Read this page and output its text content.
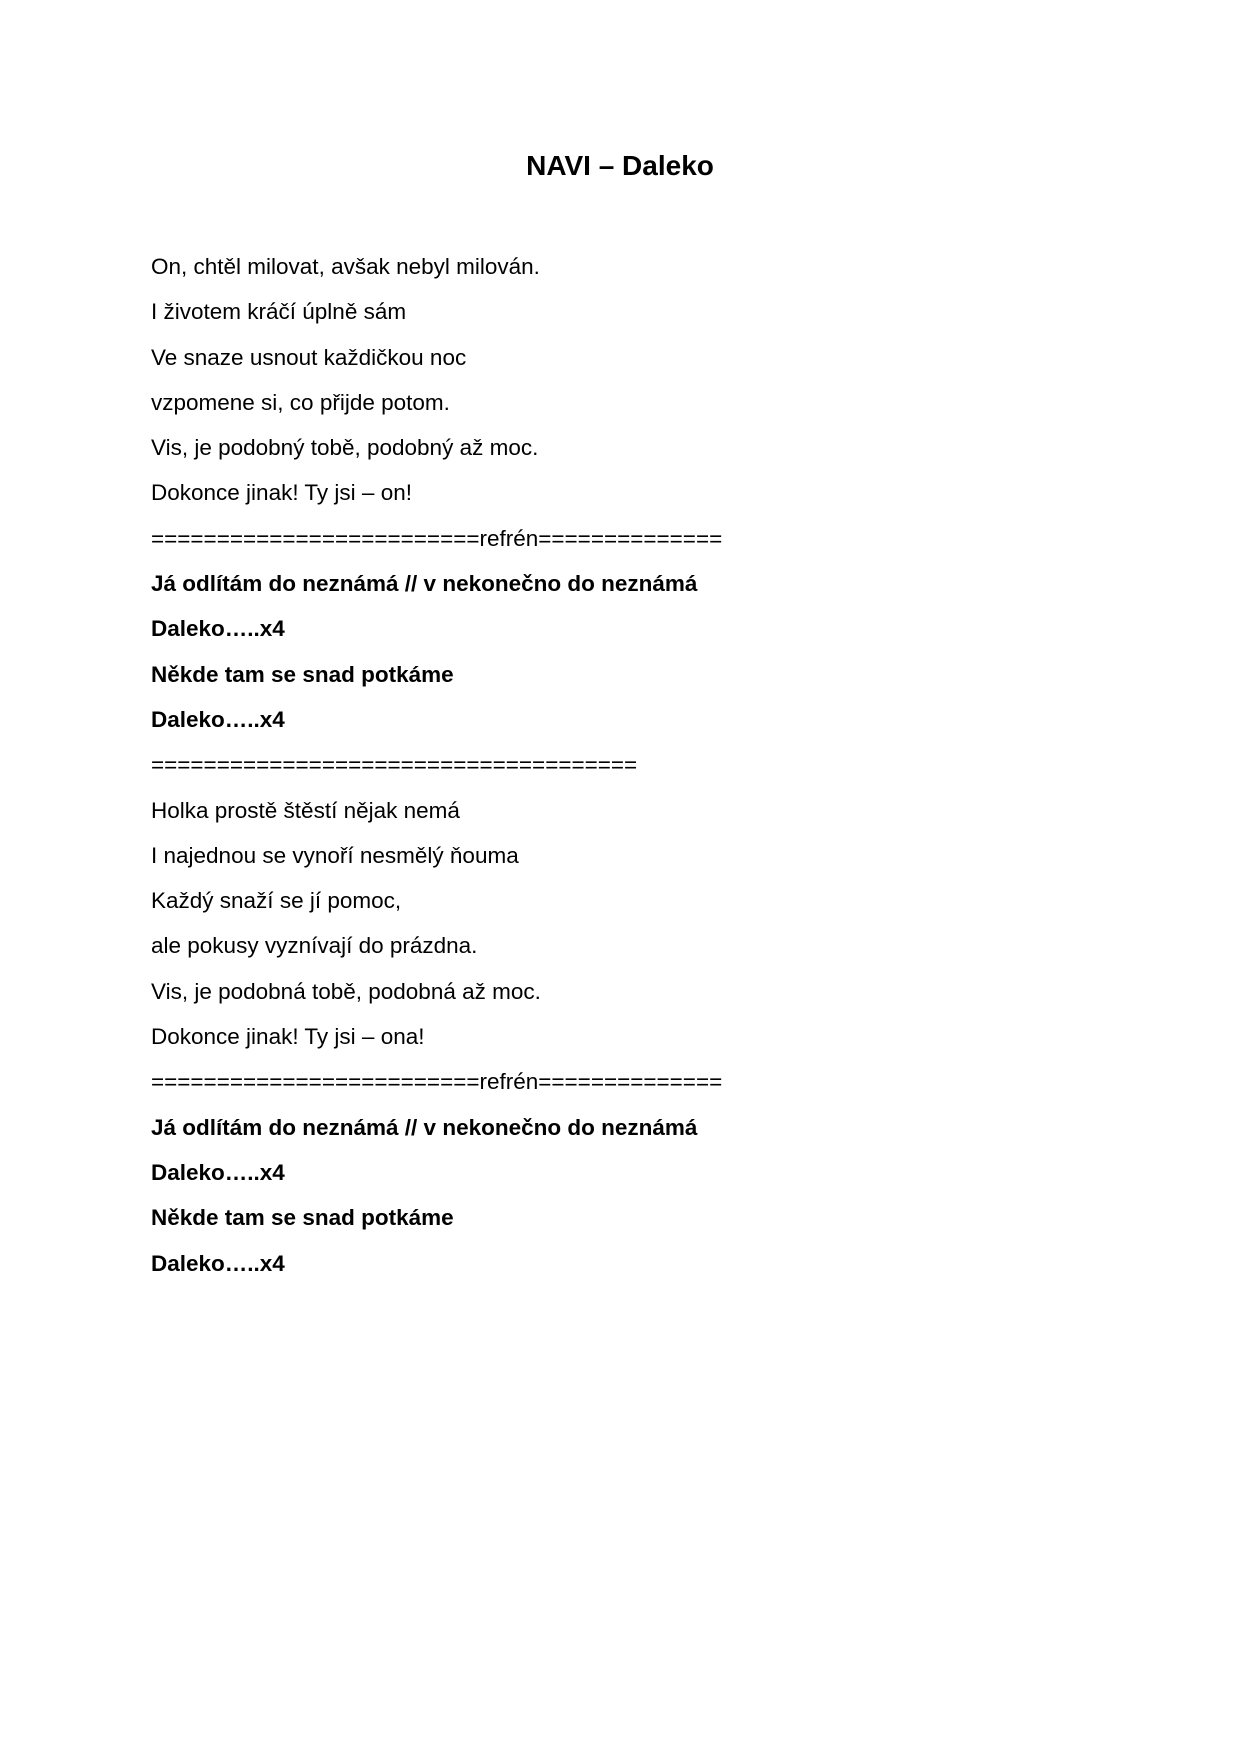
NAVI – Daleko
On, chtěl milovat, avšak nebyl milován.
I životem kráčí úplně sám
Ve snaze usnout každičkou noc
vzpomene si, co přijde potom.
Vis, je podobný tobě, podobný až moc.
Dokonce jinak! Ty jsi – on!
=========================refrén==============
Já odlítám do neznámá // v nekonečno do neznámá
Daleko…..x4
Někde tam se snad potkáme
Daleko…..x4
=====================================
Holka prostě štěstí nějak nemá
I najednou se vynoří nesmělý ňouma
Každý snaží se jí pomoc,
ale pokusy vyznívají do prázdna.
Vis, je podobná tobě, podobná až moc.
Dokonce jinak! Ty jsi – ona!
=========================refrén==============
Já odlítám do neznámá // v nekonečno do neznámá
Daleko…..x4
Někde tam se snad potkáme
Daleko…..x4
